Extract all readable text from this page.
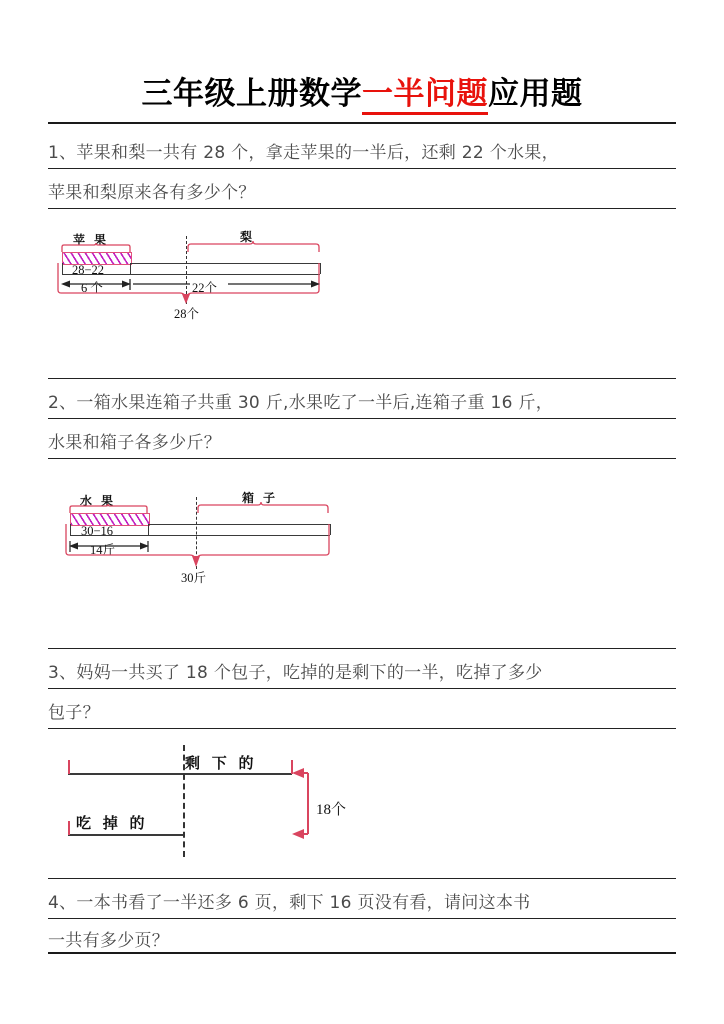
三年级上册数学一半问题应用题
1、苹果和梨一共有 28 个，拿走苹果的一半后，还剩 22 个水果，
苹果和梨原来各有多少个？
苹 果	梨
28−22
6 个	22个
28个
2、一箱水果连箱子共重 30 斤,水果吃了一半后,连箱子重 16 斤，
水果和箱子各多少斤？
水 果	箱 子
30−16
14斤
30斤
3、妈妈一共买了 18 个包子，吃掉的是剩下的一半，吃掉了多少
包子？
剩 下 的
吃 掉 的
18个
4、一本书看了一半还多 6 页，剩下 16 页没有看，请问这本书
一共有多少页？
